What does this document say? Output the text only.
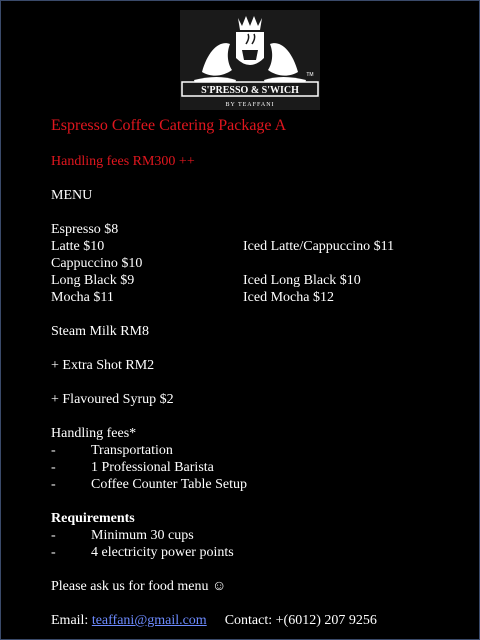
S'PRESSO & S'WICH
TM
BY TEAFFANI
Espresso Coffee Catering Package A
Handling fees RM300 ++
MENU
Espresso $8
Latte $10	Iced Latte/Cappuccino $11
Cappuccino $10
Long Black $9	Iced Long Black $10
Mocha $11	Iced Mocha $12
Steam Milk RM8
+ Extra Shot RM2
+ Flavoured Syrup $2
Handling fees*
-	Transportation
-	1 Professional Barista
-	Coffee Counter Table Setup
Requirements
-	Minimum 30 cups
-	4 electricity power points
Please ask us for food menu ☺
Email: teaffani@gmail.com Contact: +(6012) 207 9256
